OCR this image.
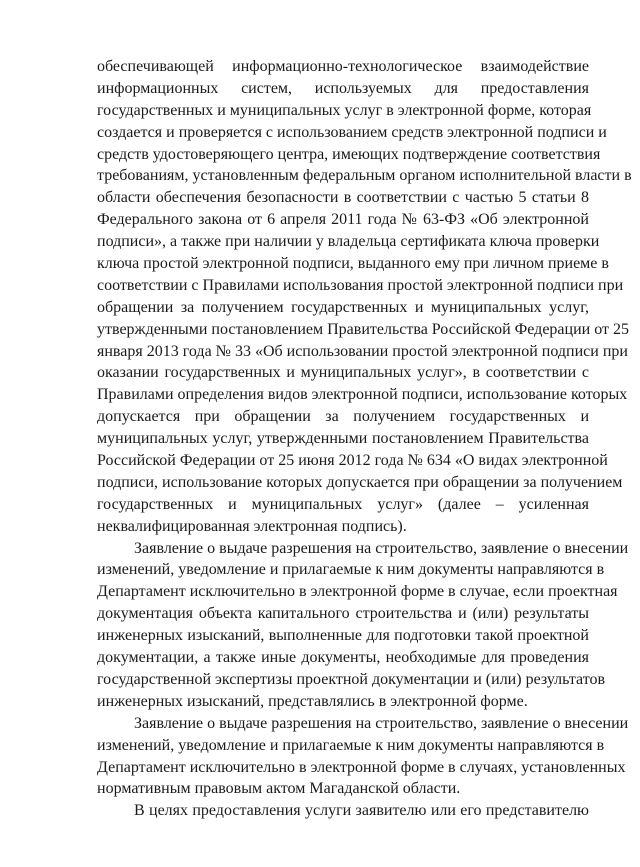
обеспечивающей информационно-технологическое взаимодействие
информационных систем, используемых для предоставления
государственных и муниципальных услуг в электронной форме, которая
создается и проверяется с использованием средств электронной подписи и
средств удостоверяющего центра, имеющих подтверждение соответствия
требованиям, установленным федеральным органом исполнительной власти в
области обеспечения безопасности в соответствии с частью 5 статьи 8
Федерального закона от 6 апреля 2011 года № 63-ФЗ «Об электронной
подписи», а также при наличии у владельца сертификата ключа проверки
ключа простой электронной подписи, выданного ему при личном приеме в
соответствии с Правилами использования простой электронной подписи при
обращении за получением государственных и муниципальных услуг,
утвержденными постановлением Правительства Российской Федерации от 25
января 2013 года № 33 «Об использовании простой электронной подписи при
оказании государственных и муниципальных услуг», в соответствии с
Правилами определения видов электронной подписи, использование которых
допускается при обращении за получением государственных и
муниципальных услуг, утвержденными постановлением Правительства
Российской Федерации от 25 июня 2012 года № 634 «О видах электронной
подписи, использование которых допускается при обращении за получением
государственных и муниципальных услуг» (далее – усиленная
неквалифицированная электронная подпись).
Заявление о выдаче разрешения на строительство, заявление о внесении
изменений, уведомление и прилагаемые к ним документы направляются в
Департамент исключительно в электронной форме в случае, если проектная
документация объекта капитального строительства и (или) результаты
инженерных изысканий, выполненные для подготовки такой проектной
документации, а также иные документы, необходимые для проведения
государственной экспертизы проектной документации и (или) результатов
инженерных изысканий, представлялись в электронной форме.
Заявление о выдаче разрешения на строительство, заявление о внесении
изменений, уведомление и прилагаемые к ним документы направляются в
Департамент исключительно в электронной форме в случаях, установленных
нормативным правовым актом Магаданской области.
В целях предоставления услуги заявителю или его представителю
